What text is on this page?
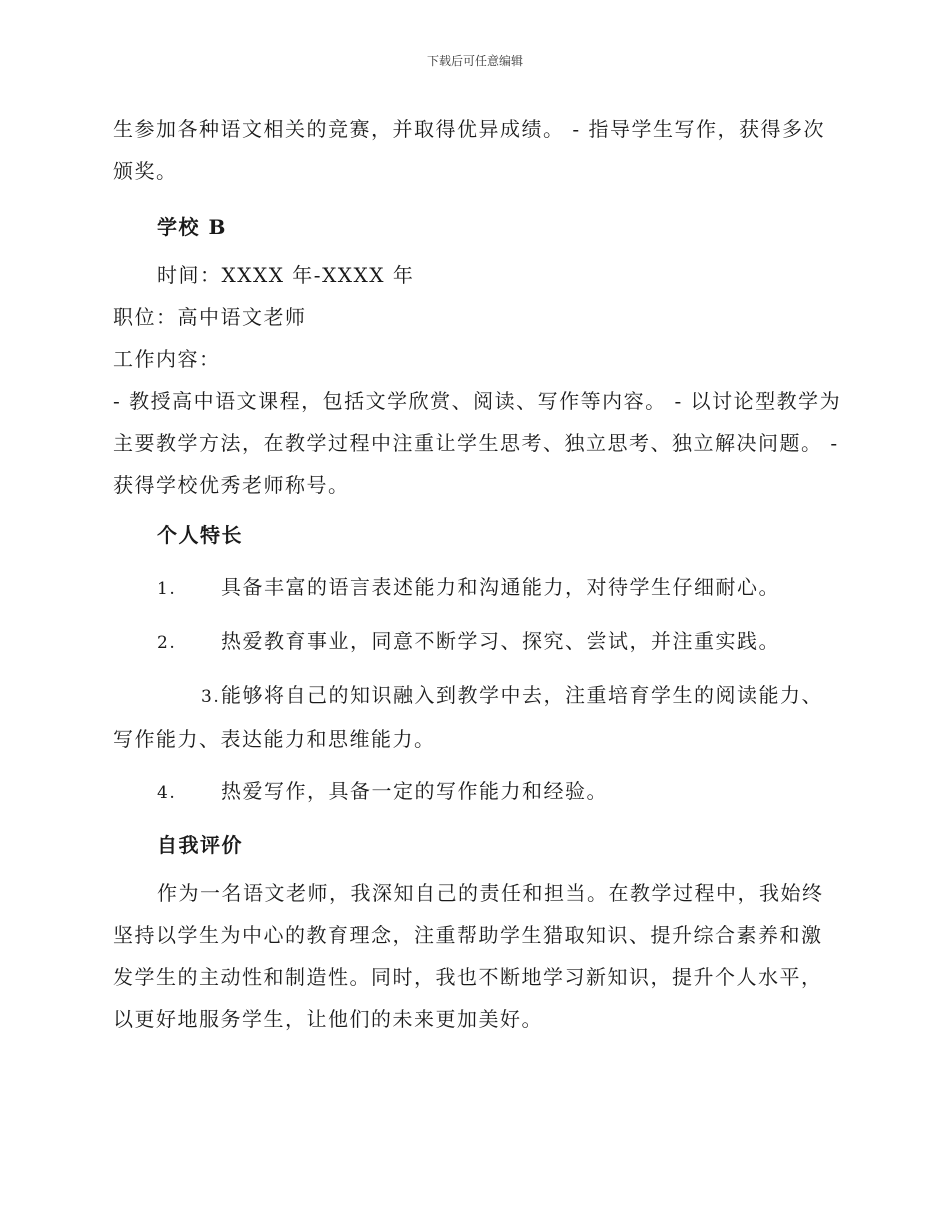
下载后可任意编辑

生参加各种语文相关的竞赛，并取得优异成绩。 - 指导学生写作，获得多次颁奖。

学校 B

时间：XXXX 年-XXXX 年

职位：高中语文老师

工作内容：

- 教授高中语文课程，包括文学欣赏、阅读、写作等内容。 - 以讨论型教学为主要教学方法，在教学过程中注重让学生思考、独立思考、独立解决问题。 - 获得学校优秀老师称号。

个人特长

1. 具备丰富的语言表述能力和沟通能力，对待学生仔细耐心。

2. 热爱教育事业，同意不断学习、探究、尝试，并注重实践。

3.能够将自己的知识融入到教学中去，注重培育学生的阅读能力、写作能力、表达能力和思维能力。

4. 热爱写作，具备一定的写作能力和经验。

自我评价

作为一名语文老师，我深知自己的责任和担当。在教学过程中，我始终坚持以学生为中心的教育理念，注重帮助学生猎取知识、提升综合素养和激发学生的主动性和制造性。同时，我也不断地学习新知识，提升个人水平，以更好地服务学生，让他们的未来更加美好。
